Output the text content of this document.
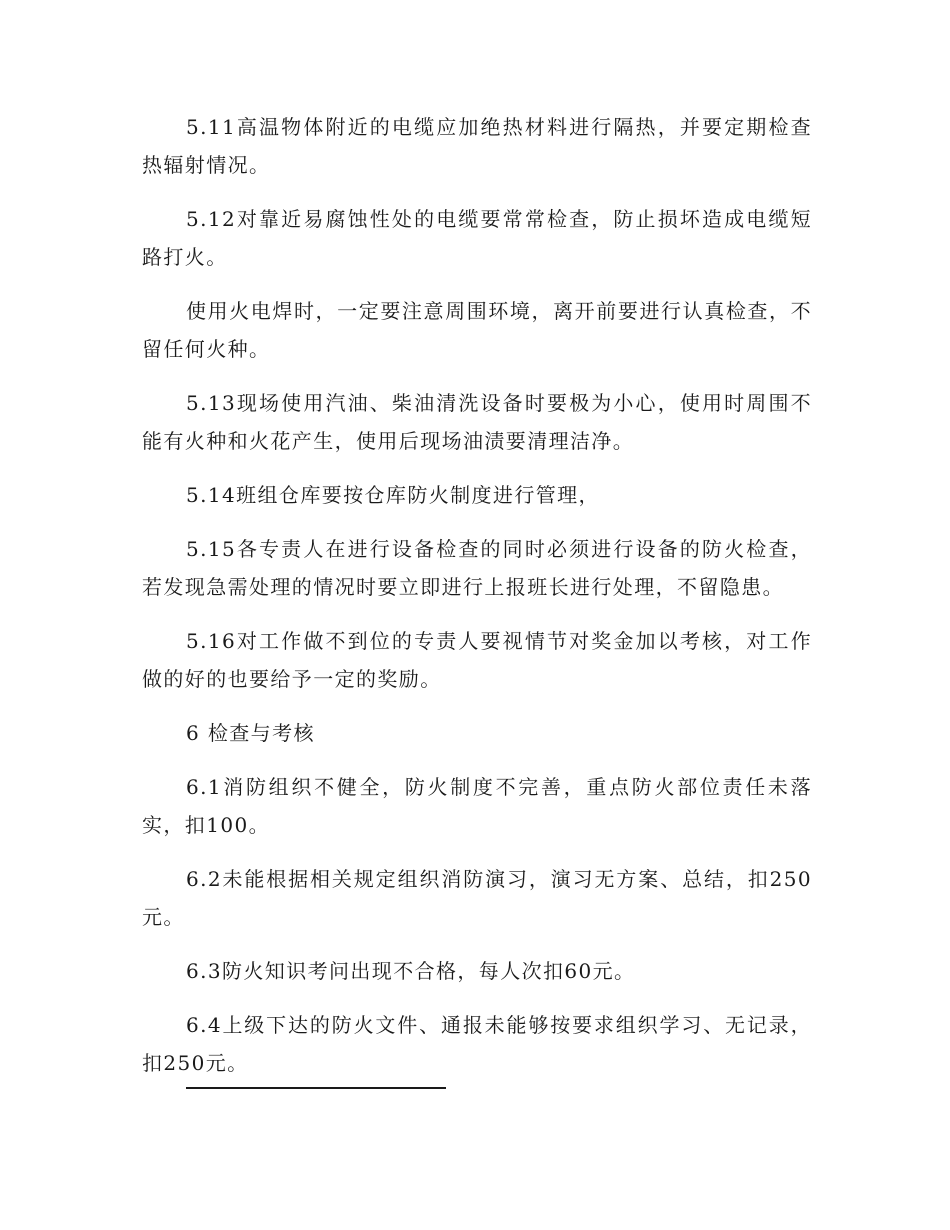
5.11高温物体附近的电缆应加绝热材料进行隔热，并要定期检查热辐射情况。

5.12对靠近易腐蚀性处的电缆要常常检查，防止损坏造成电缆短路打火。

使用火电焊时，一定要注意周围环境，离开前要进行认真检查，不留任何火种。

5.13现场使用汽油、柴油清洗设备时要极为小心，使用时周围不能有火种和火花产生，使用后现场油渍要清理洁净。

5.14班组仓库要按仓库防火制度进行管理，

5.15各专责人在进行设备检查的同时必须进行设备的防火检查，若发现急需处理的情况时要立即进行上报班长进行处理，不留隐患。

5.16对工作做不到位的专责人要视情节对奖金加以考核，对工作做的好的也要给予一定的奖励。

6 检查与考核

6.1消防组织不健全，防火制度不完善，重点防火部位责任未落实，扣100。

6.2未能根据相关规定组织消防演习，演习无方案、总结，扣250元。

6.3防火知识考问出现不合格，每人次扣60元。

6.4上级下达的防火文件、通报未能够按要求组织学习、无记录，扣250元。
